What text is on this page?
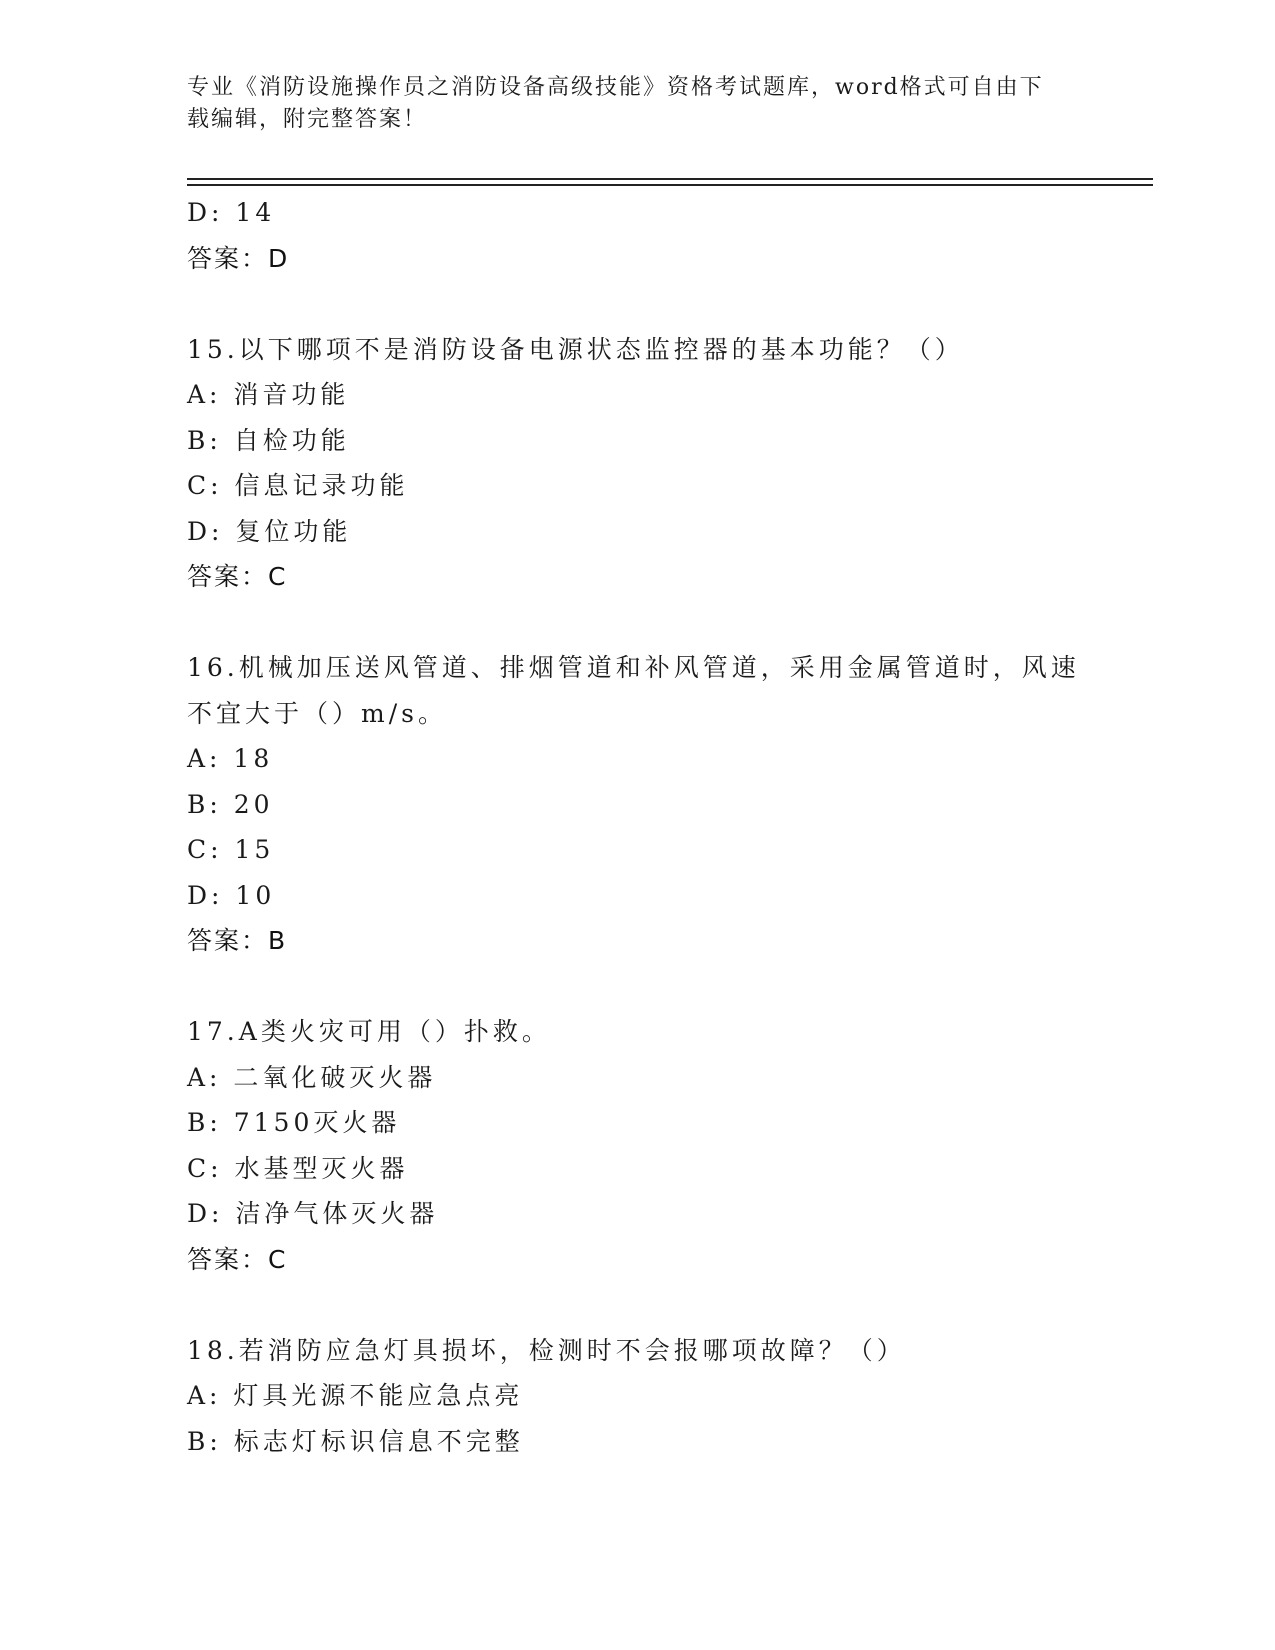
专业《消防设施操作员之消防设备高级技能》资格考试题库，word格式可自由下
载编辑，附完整答案！
D: 14
答案：D
15.以下哪项不是消防设备电源状态监控器的基本功能？（）
A: 消音功能
B: 自检功能
C: 信息记录功能
D: 复位功能
答案：C
16.机械加压送风管道、排烟管道和补风管道，采用金属管道时，风速
不宜大于（）m/s。
A: 18
B: 20
C: 15
D: 10
答案：B
17.A类火灾可用（）扑救。
A: 二氧化破灭火器
B: 7150灭火器
C: 水基型灭火器
D: 洁净气体灭火器
答案：C
18.若消防应急灯具损坏，检测时不会报哪项故障？（）
A: 灯具光源不能应急点亮
B: 标志灯标识信息不完整
